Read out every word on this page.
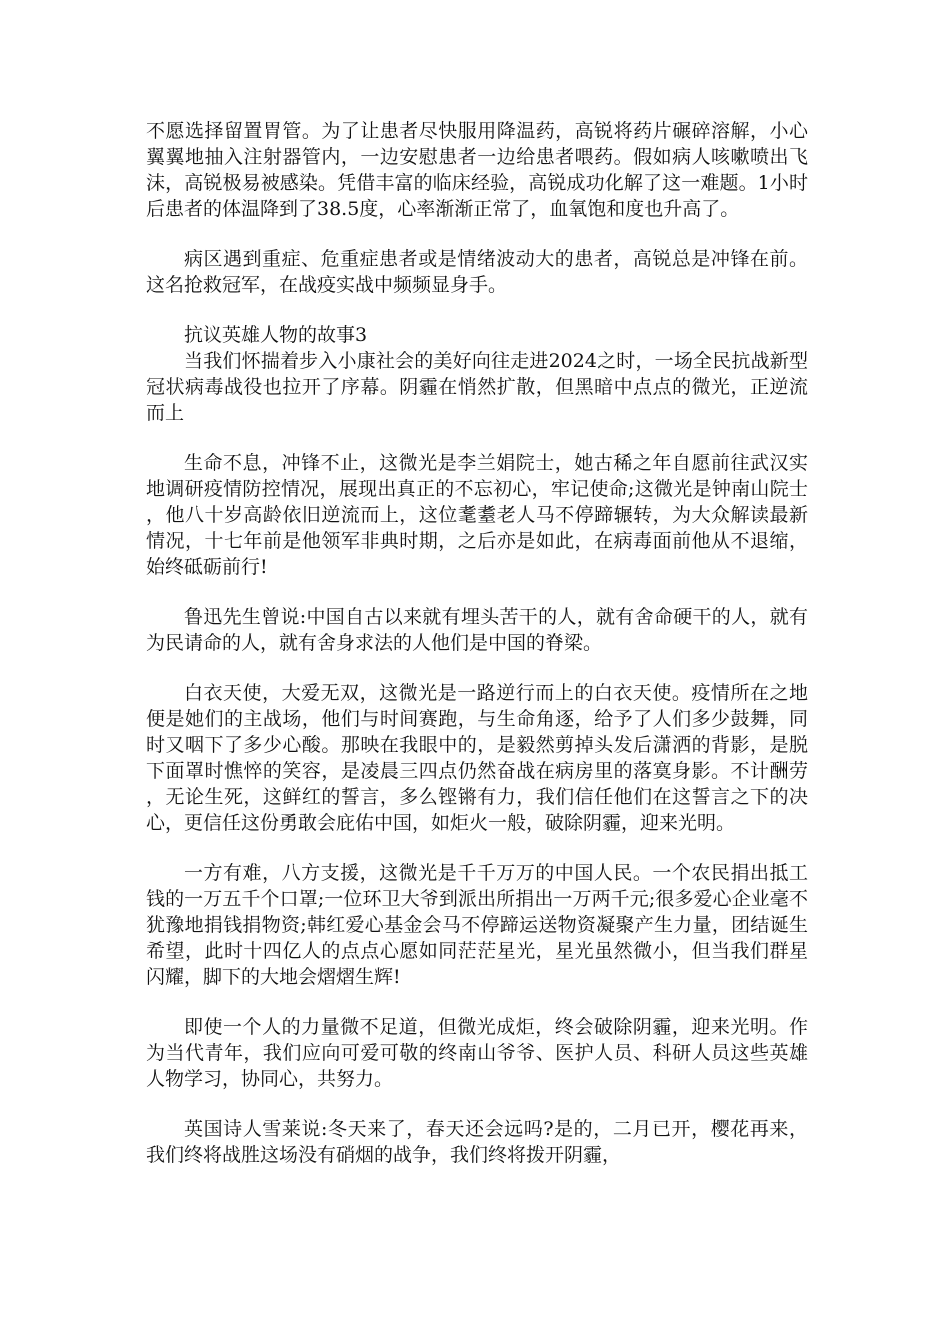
不愿选择留置胃管。为了让患者尽快服用降温药，高锐将药片碾碎溶解，小心翼翼地抽入注射器管内，一边安慰患者一边给患者喂药。假如病人咳嗽喷出飞沫，高锐极易被感染。凭借丰富的临床经验，高锐成功化解了这一难题。1小时后患者的体温降到了38.5度，心率渐渐正常了，血氧饱和度也升高了。

病区遇到重症、危重症患者或是情绪波动大的患者，高锐总是冲锋在前。这名抢救冠军，在战疫实战中频频显身手。

抗议英雄人物的故事3

当我们怀揣着步入小康社会的美好向往走进2024之时，一场全民抗战新型冠状病毒战役也拉开了序幕。阴霾在悄然扩散，但黑暗中点点的微光，正逆流而上

生命不息，冲锋不止，这微光是李兰娟院士，她古稀之年自愿前往武汉实地调研疫情防控情况，展现出真正的不忘初心，牢记使命;这微光是钟南山院士，他八十岁高龄依旧逆流而上，这位耄耋老人马不停蹄辗转，为大众解读最新情况，十七年前是他领军非典时期，之后亦是如此，在病毒面前他从不退缩，始终砥砺前行!

鲁迅先生曾说:中国自古以来就有埋头苦干的人，就有舍命硬干的人，就有为民请命的人，就有舍身求法的人他们是中国的脊梁。

白衣天使，大爱无双，这微光是一路逆行而上的白衣天使。疫情所在之地便是她们的主战场，他们与时间赛跑，与生命角逐，给予了人们多少鼓舞，同时又咽下了多少心酸。那映在我眼中的，是毅然剪掉头发后潇洒的背影，是脱下面罩时憔悴的笑容，是凌晨三四点仍然奋战在病房里的落寞身影。不计酬劳，无论生死，这鲜红的誓言，多么铿锵有力，我们信任他们在这誓言之下的决心，更信任这份勇敢会庇佑中国，如炬火一般，破除阴霾，迎来光明。

一方有难，八方支援，这微光是千千万万的中国人民。一个农民捐出抵工钱的一万五千个口罩;一位环卫大爷到派出所捐出一万两千元;很多爱心企业毫不犹豫地捐钱捐物资;韩红爱心基金会马不停蹄运送物资凝聚产生力量，团结诞生希望，此时十四亿人的点点心愿如同茫茫星光，星光虽然微小，但当我们群星闪耀，脚下的大地会熠熠生辉!

即使一个人的力量微不足道，但微光成炬，终会破除阴霾，迎来光明。作为当代青年，我们应向可爱可敬的终南山爷爷、医护人员、科研人员这些英雄人物学习，协同心，共努力。

英国诗人雪莱说:冬天来了，春天还会远吗?是的，二月已开，樱花再来，我们终将战胜这场没有硝烟的战争，我们终将拨开阴霾，
